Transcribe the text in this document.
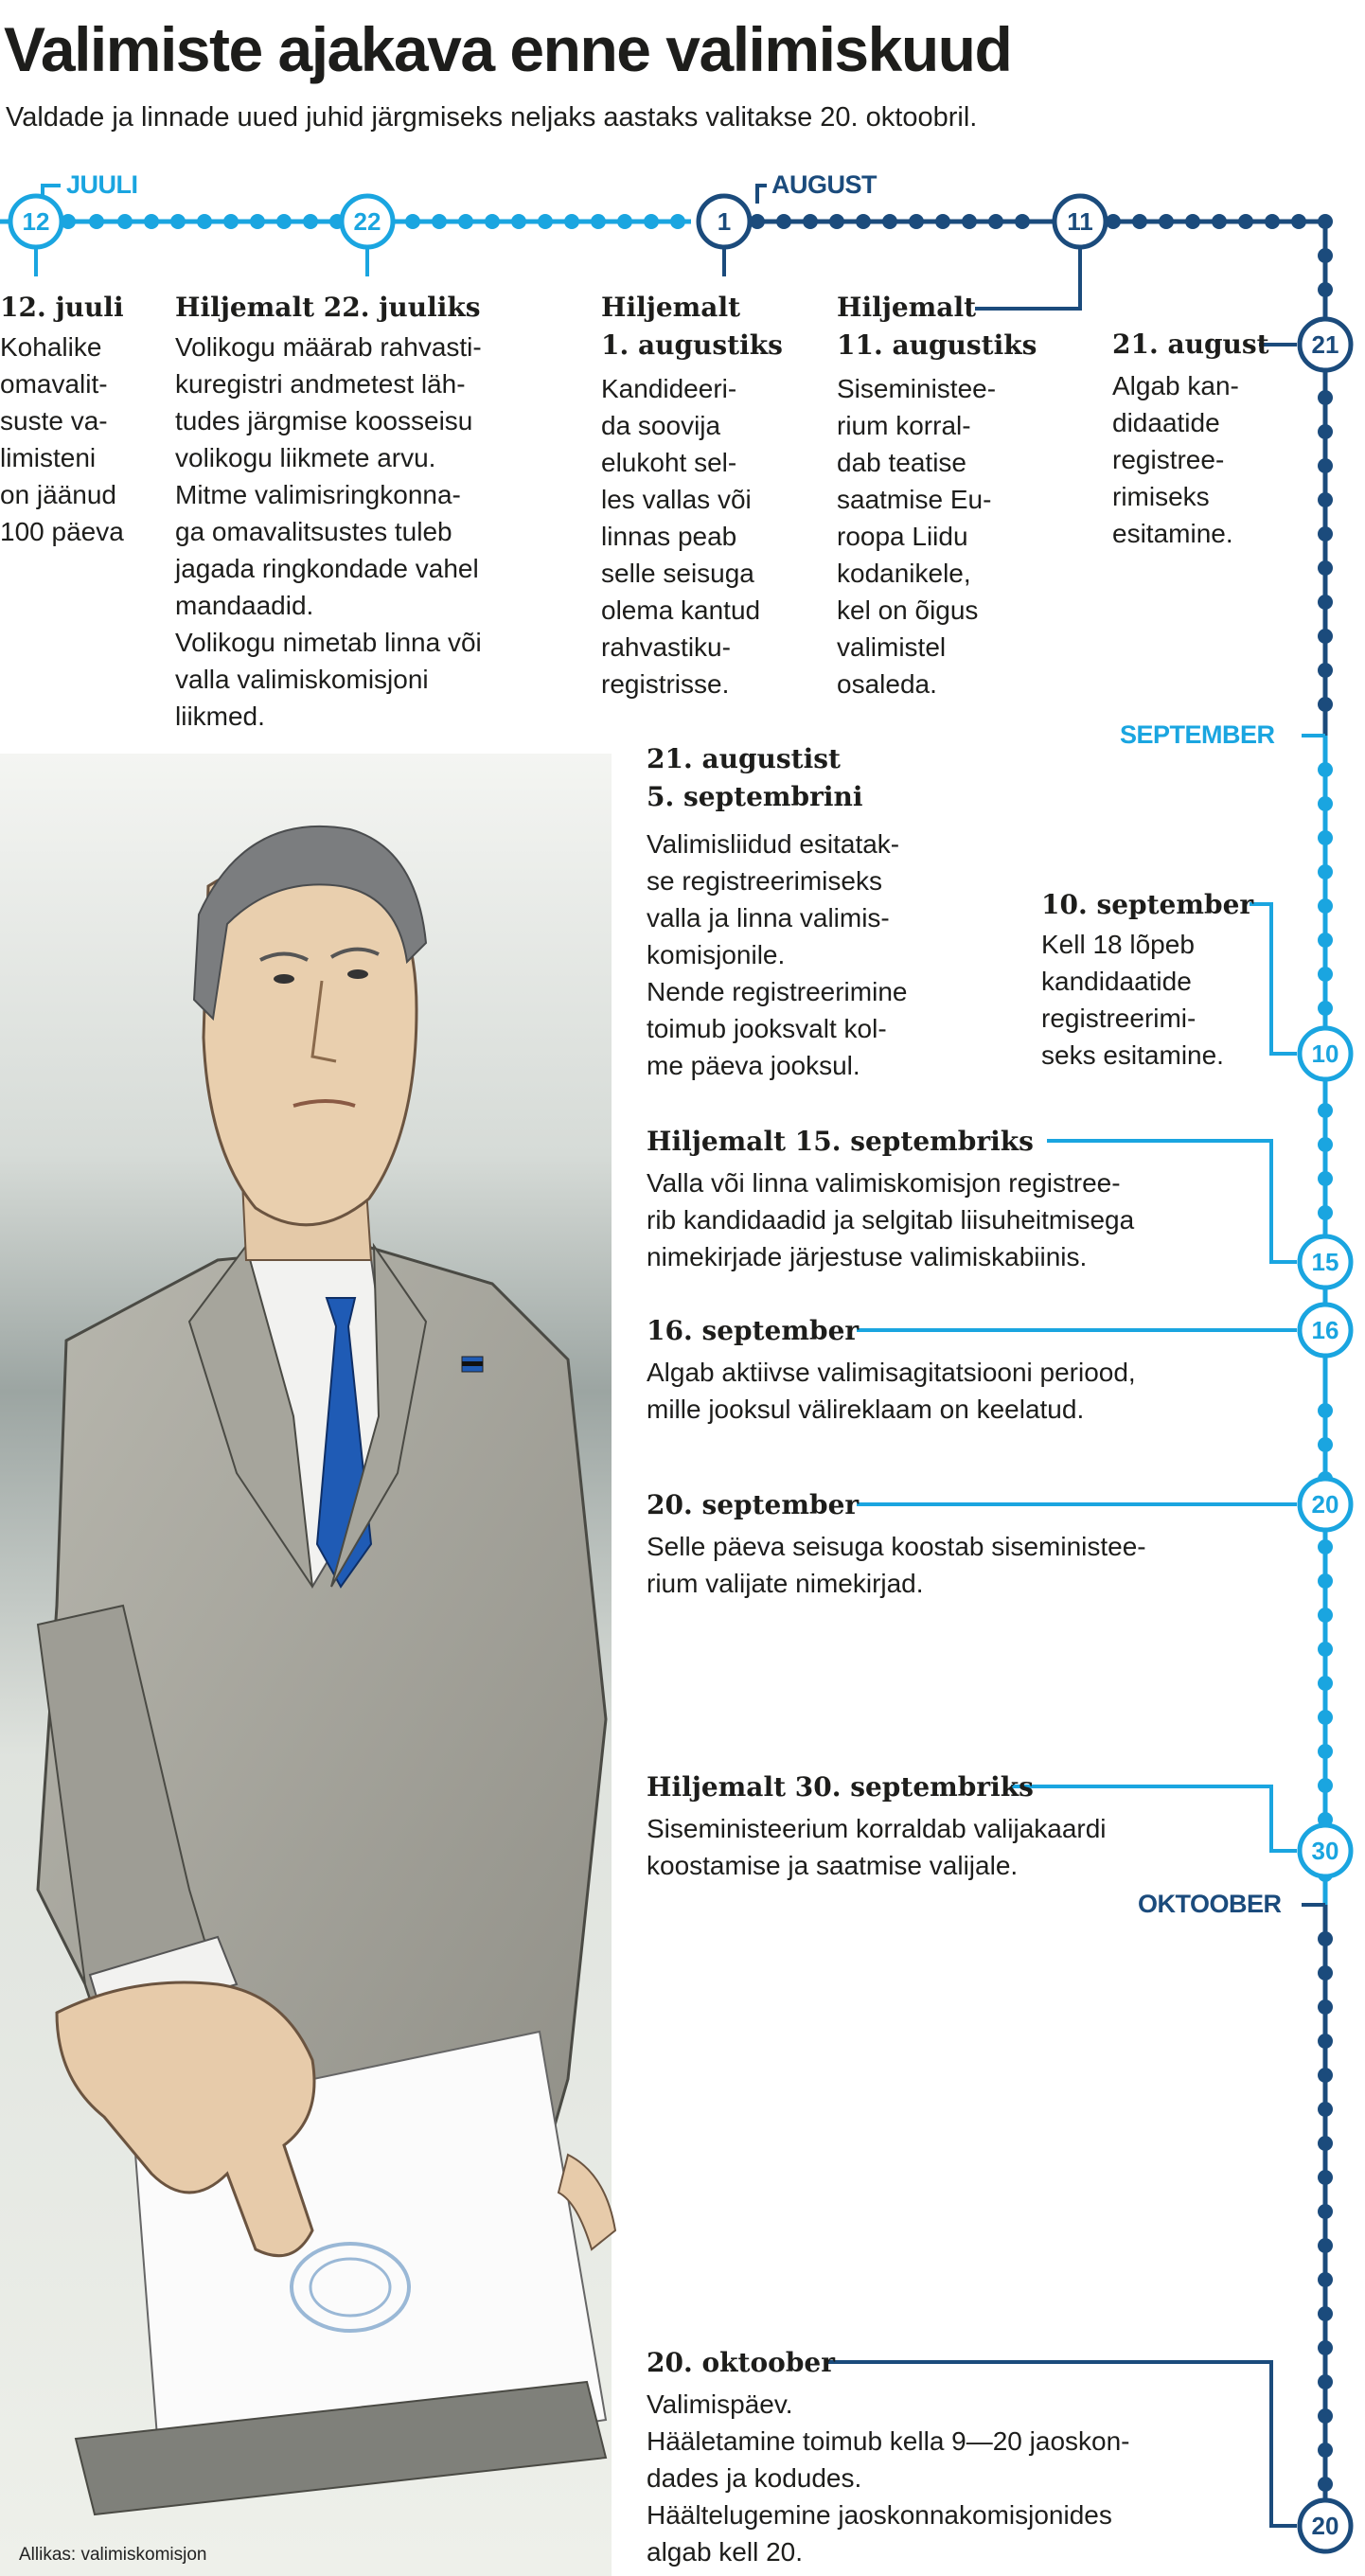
Valimiste ajakava enne valimiskuud
Valdade ja linnade uued juhid järgmiseks neljaks aastaks valitakse 20. oktoobril.
12	22	1	11
21
10
15
16
20
30
20
JUULI	AUGUST
SEPTEMBER
OKTOOBER
12. juuli
Kohalike
omavalit-
suste va-
limisteni
on jäänud
100 päeva
Hiljemalt 22. juuliks
Volikogu määrab rahvasti-
kuregistri andmetest läh-
tudes järgmise koosseisu
volikogu liikmete arvu.
Mitme valimisringkonna-
ga omavalitsustes tuleb
jagada ringkondade vahel
mandaadid.
Volikogu nimetab linna või
valla valimiskomisjoni
liikmed.
Hiljemalt
1. augustiks
Kandideeri-
da soovija
elukoht sel-
les vallas või
linnas peab
selle seisuga
olema kantud
rahvastiku-
registrisse.
Hiljemalt
11. augustiks
Siseministee-
rium korral-
dab teatise
saatmise Eu-
roopa Liidu
kodanikele,
kel on õigus
valimistel
osaleda.
21. august
Algab kan-
didaatide
registree-
rimiseks
esitamine.
21. augustist
5. septembrini
Valimisliidud esitatak-
se registreerimiseks
valla ja linna valimis-
komisjonile.
Nende registreerimine
toimub jooksvalt kol-
me päeva jooksul.
10. september
Kell 18 lõpeb
kandidaatide
registreerimi-
seks esitamine.
Hiljemalt 15. septembriks
Valla või linna valimiskomisjon registree-
rib kandidaadid ja selgitab liisuheitmisega
nimekirjade järjestuse valimiskabiinis.
16. september
Algab aktiivse valimisagitatsiooni periood,
mille jooksul välireklaam on keelatud.
20. september
Selle päeva seisuga koostab siseministee-
rium valijate nimekirjad.
Hiljemalt 30. septembriks
Siseministeerium korraldab valijakaardi
koostamise ja saatmise valijale.
20. oktoober
Valimispäev.
Hääletamine toimub kella 9—20 jaoskon-
dades ja kodudes.
Häältelugemine jaoskonnakomisjonides
algab kell 20.
Allikas: valimiskomisjon
